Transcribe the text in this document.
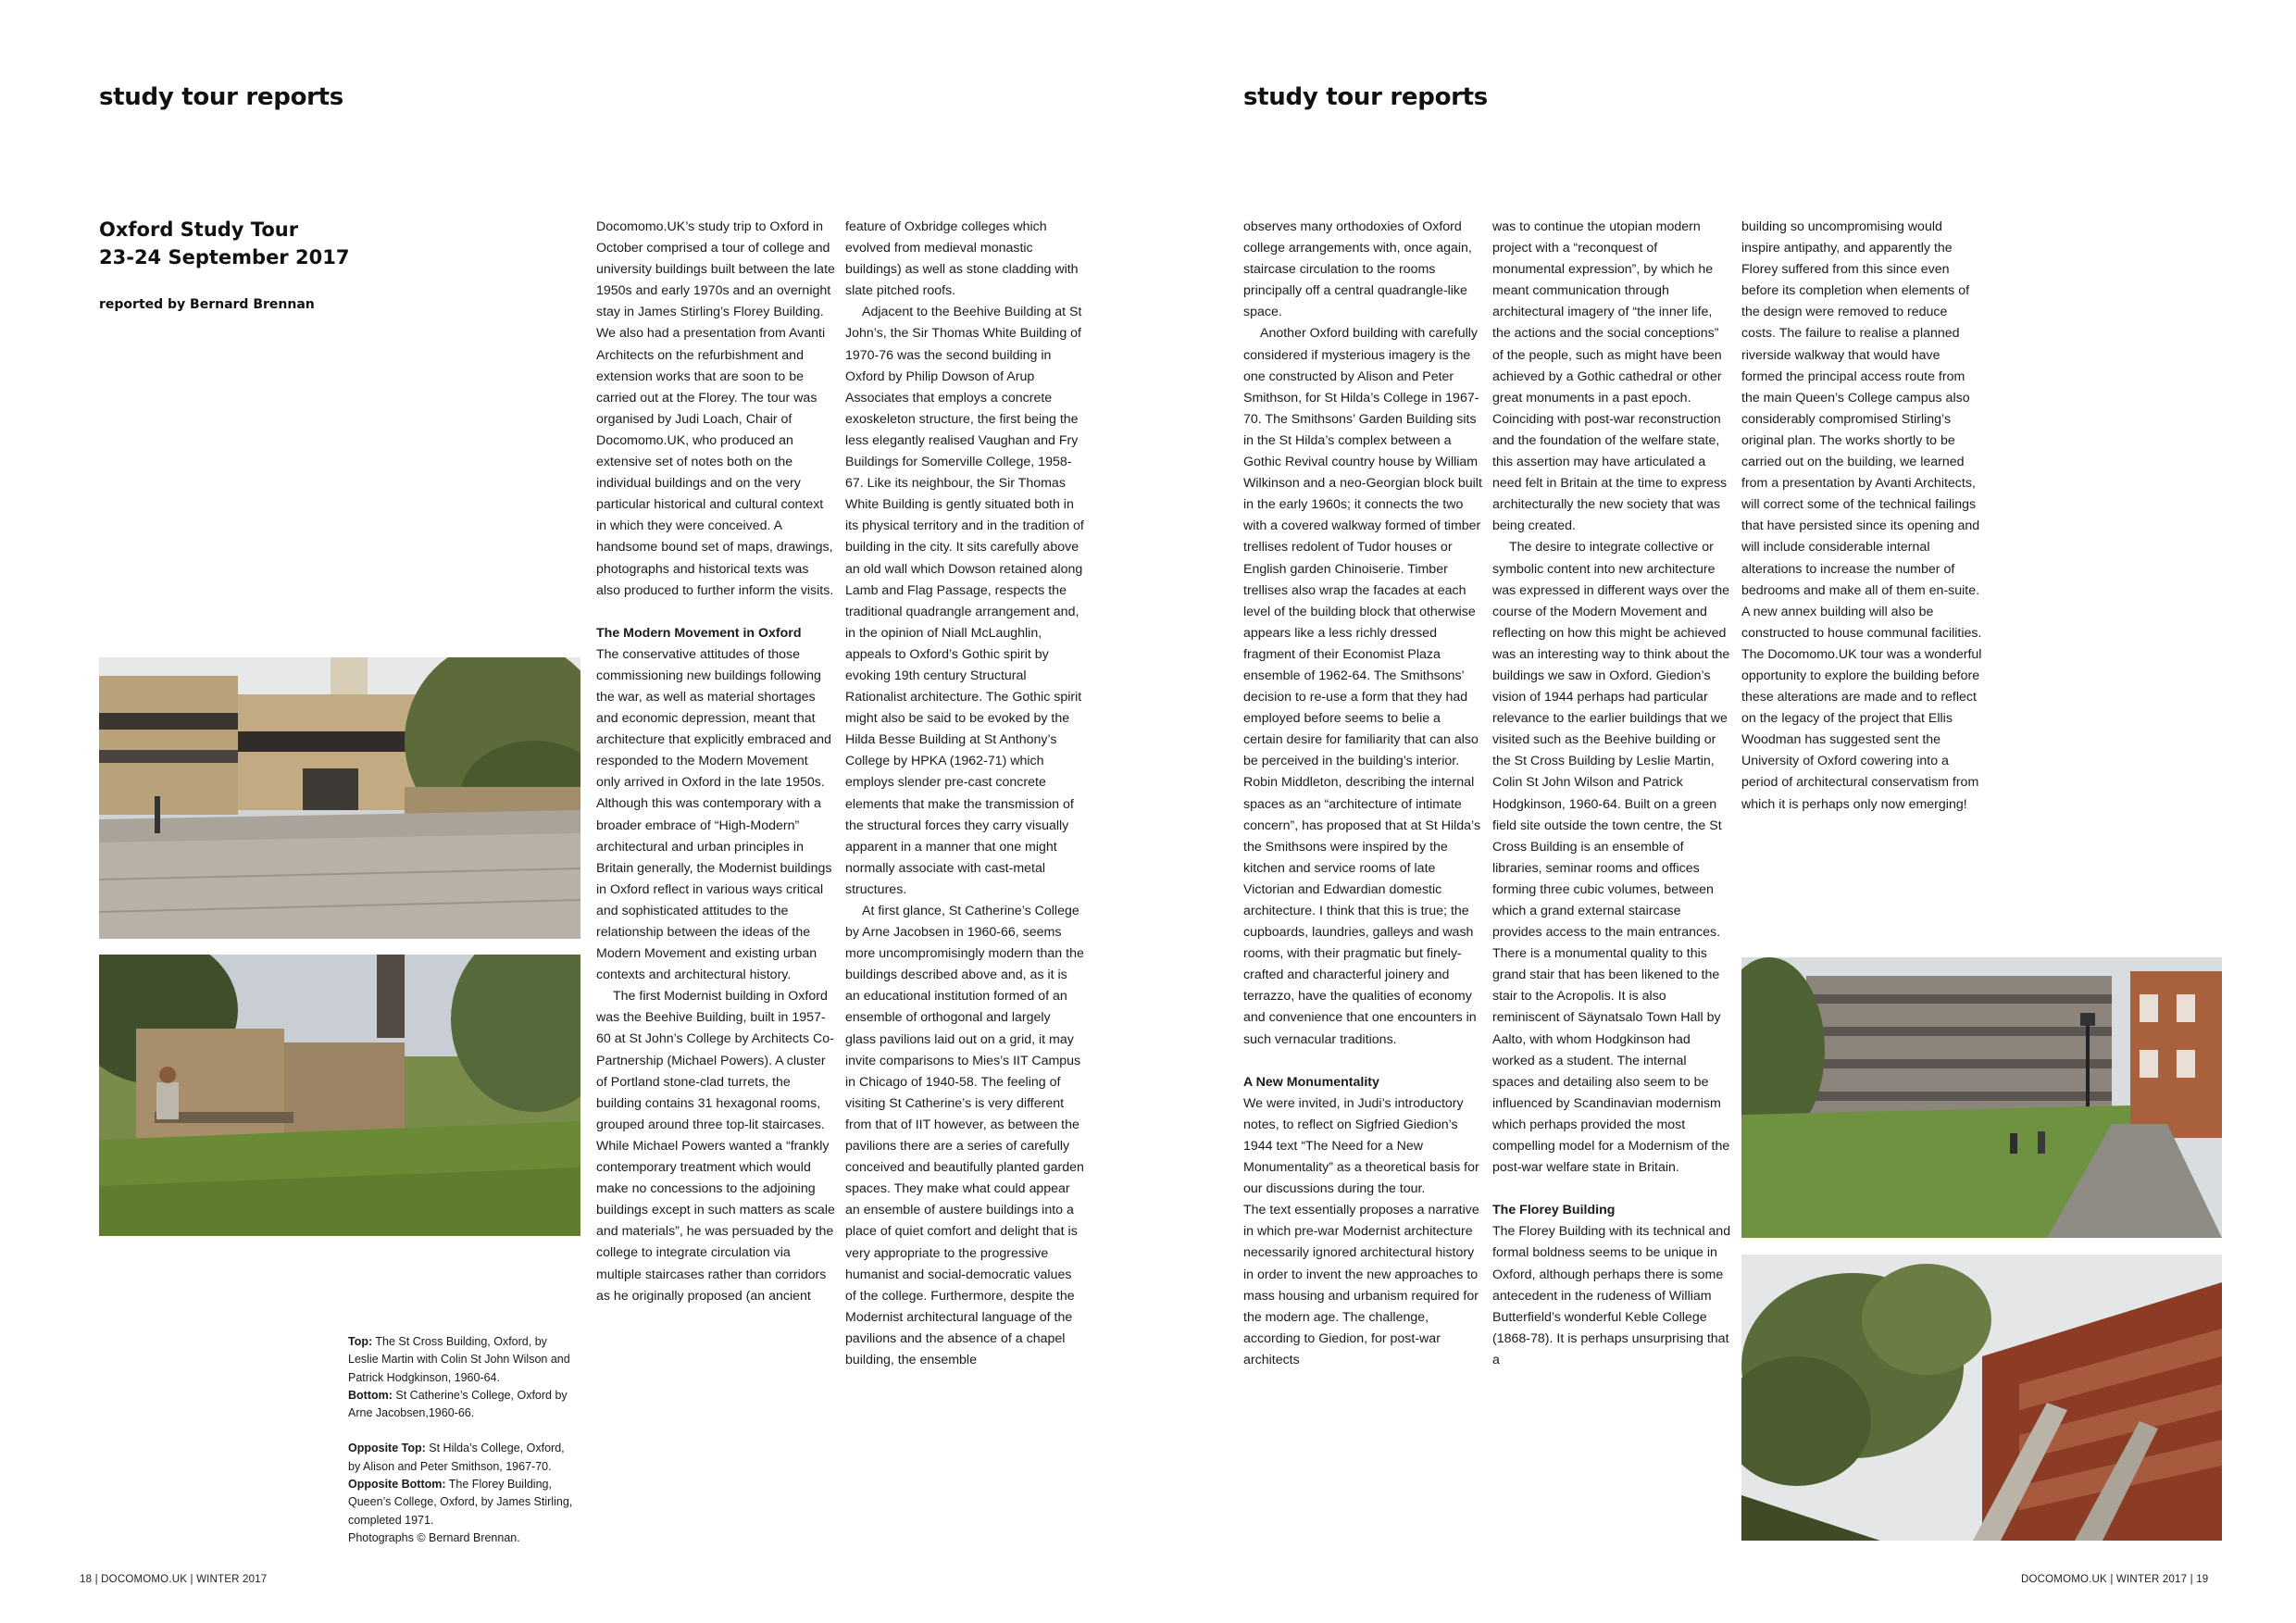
study tour reports
Oxford Study Tour
23-24 September 2017
reported by Bernard Brennan

Top: The St Cross Building, Oxford, by Leslie Martin with Colin St John Wilson and Patrick Hodgkinson, 1960-64.

Bottom: St Catherine’s College, Oxford by Arne Jacobsen,1960-66.

Opposite Top: St Hilda’s College, Oxford, by Alison and Peter Smithson, 1967-70.

Opposite Bottom: The Florey Building, Queen’s College, Oxford, by James Stirling, completed 1971.

Photographs © Bernard Brennan.

Docomomo.UK’s study trip to Oxford in October comprised a tour of college and university buildings built between the late 1950s and early 1970s and an overnight stay in James Stirling’s Florey Building. We also had a presentation from Avanti Architects on the refurbishment and extension works that are soon to be carried out at the Florey. The tour was organised by Judi Loach, Chair of Docomomo.UK, who produced an extensive set of notes both on the individual buildings and on the very particular historical and cultural context in which they were conceived. A handsome bound set of maps, drawings, photographs and historical texts was also produced to further inform the visits.

The Modern Movement in Oxford

The conservative attitudes of those commissioning new buildings following the war, as well as material shortages and economic depression, meant that architecture that explicitly embraced and responded to the Modern Movement only arrived in Oxford in the late 1950s. Although this was contemporary with a broader embrace of “High-Modern” architectural and urban principles in Britain generally, the Modernist buildings in Oxford reflect in various ways critical and sophisticated attitudes to the relationship between the ideas of the Modern Movement and existing urban contexts and architectural history.

The first Modernist building in Oxford was the Beehive Building, built in 1957-60 at St John’s College by Architects Co-Partnership (Michael Powers). A cluster of Portland stone-clad turrets, the building contains 31 hexagonal rooms, grouped around three top-lit staircases. While Michael Powers wanted a “frankly contemporary treatment which would make no concessions to the adjoining buildings except in such matters as scale and materials”, he was persuaded by the college to integrate circulation via multiple staircases rather than corridors as he originally proposed (an ancient

feature of Oxbridge colleges which evolved from medieval monastic buildings) as well as stone cladding with slate pitched roofs.

Adjacent to the Beehive Building at St John’s, the Sir Thomas White Building of 1970-76 was the second building in Oxford by Philip Dowson of Arup Associates that employs a concrete exoskeleton structure, the first being the less elegantly realised Vaughan and Fry Buildings for Somerville College, 1958-67. Like its neighbour, the Sir Thomas White Building is gently situated both in its physical territory and in the tradition of building in the city. It sits carefully above an old wall which Dowson retained along Lamb and Flag Passage, respects the traditional quadrangle arrangement and, in the opinion of Niall McLaughlin, appeals to Oxford’s Gothic spirit by evoking 19th century Structural Rationalist architecture. The Gothic spirit might also be said to be evoked by the Hilda Besse Building at St Anthony’s College by HPKA (1962-71) which employs slender pre-cast concrete elements that make the transmission of the structural forces they carry visually apparent in a manner that one might normally associate with cast-metal structures.

At first glance, St Catherine’s College by Arne Jacobsen in 1960-66, seems more uncompromisingly modern than the buildings described above and, as it is an educational institution formed of an ensemble of orthogonal and largely glass pavilions laid out on a grid, it may invite comparisons to Mies’s IIT Campus in Chicago of 1940-58. The feeling of visiting St Catherine’s is very different from that of IIT however, as between the pavilions there are a series of carefully conceived and beautifully planted garden spaces. They make what could appear an ensemble of austere buildings into a place of quiet comfort and delight that is very appropriate to the progressive humanist and social-democratic values of the college. Furthermore, despite the Modernist architectural language of the pavilions and the absence of a chapel building, the ensemble

18 | DOCOMOMO.UK | WINTER 2017
study tour reports

observes many orthodoxies of Oxford college arrangements with, once again, staircase circulation to the rooms principally off a central quadrangle-like space.

Another Oxford building with carefully considered if mysterious imagery is the one constructed by Alison and Peter Smithson, for St Hilda’s College in 1967-70. The Smithsons’ Garden Building sits in the St Hilda’s complex between a Gothic Revival country house by William Wilkinson and a neo-Georgian block built in the early 1960s; it connects the two with a covered walkway formed of timber trellises redolent of Tudor houses or English garden Chinoiserie. Timber trellises also wrap the facades at each level of the building block that otherwise appears like a less richly dressed fragment of their Economist Plaza ensemble of 1962-64. The Smithsons’ decision to re-use a form that they had employed before seems to belie a certain desire for familiarity that can also be perceived in the building’s interior. Robin Middleton, describing the internal spaces as an “architecture of intimate concern”, has proposed that at St Hilda’s the Smithsons were inspired by the kitchen and service rooms of late Victorian and Edwardian domestic architecture. I think that this is true; the cupboards, laundries, galleys and wash rooms, with their pragmatic but finely-crafted and characterful joinery and terrazzo, have the qualities of economy and convenience that one encounters in such vernacular traditions.

A New Monumentality

We were invited, in Judi’s introductory notes, to reflect on Sigfried Giedion’s 1944 text “The Need for a New Monumentality” as a theoretical basis for our discussions during the tour.

The text essentially proposes a narrative in which pre-war Modernist architecture necessarily ignored architectural history in order to invent the new approaches to mass housing and urbanism required for the modern age. The challenge, according to Giedion, for post-war architects

was to continue the utopian modern project with a “reconquest of monumental expression”, by which he meant communication through architectural imagery of “the inner life, the actions and the social conceptions” of the people, such as might have been achieved by a Gothic cathedral or other great monuments in a past epoch. Coinciding with post-war reconstruction and the foundation of the welfare state, this assertion may have articulated a need felt in Britain at the time to express architecturally the new society that was being created.

The desire to integrate collective or symbolic content into new architecture was expressed in different ways over the course of the Modern Movement and reflecting on how this might be achieved was an interesting way to think about the buildings we saw in Oxford. Giedion’s vision of 1944 perhaps had particular relevance to the earlier buildings that we visited such as the Beehive building or the St Cross Building by Leslie Martin, Colin St John Wilson and Patrick Hodgkinson, 1960-64. Built on a green field site outside the town centre, the St Cross Building is an ensemble of libraries, seminar rooms and offices forming three cubic volumes, between which a grand external staircase provides access to the main entrances. There is a monumental quality to this grand stair that has been likened to the stair to the Acropolis. It is also reminiscent of Säynatsalo Town Hall by Aalto, with whom Hodgkinson had worked as a student. The internal spaces and detailing also seem to be influenced by Scandinavian modernism which perhaps provided the most compelling model for a Modernism of the post-war welfare state in Britain.

The Florey Building

The Florey Building with its technical and formal boldness seems to be unique in Oxford, although perhaps there is some antecedent in the rudeness of William Butterfield’s wonderful Keble College (1868-78). It is perhaps unsurprising that a

building so uncompromising would inspire antipathy, and apparently the Florey suffered from this since even before its completion when elements of the design were removed to reduce costs. The failure to realise a planned riverside walkway that would have formed the principal access route from the main Queen’s College campus also considerably compromised Stirling’s original plan. The works shortly to be carried out on the building, we learned from a presentation by Avanti Architects, will correct some of the technical failings that have persisted since its opening and will include considerable internal alterations to increase the number of bedrooms and make all of them en-suite. A new annex building will also be constructed to house communal facilities. The Docomomo.UK tour was a wonderful opportunity to explore the building before these alterations are made and to reflect on the legacy of the project that Ellis Woodman has suggested sent the University of Oxford cowering into a period of architectural conservatism from which it is perhaps only now emerging!

DOCOMOMO.UK | WINTER 2017 | 19
